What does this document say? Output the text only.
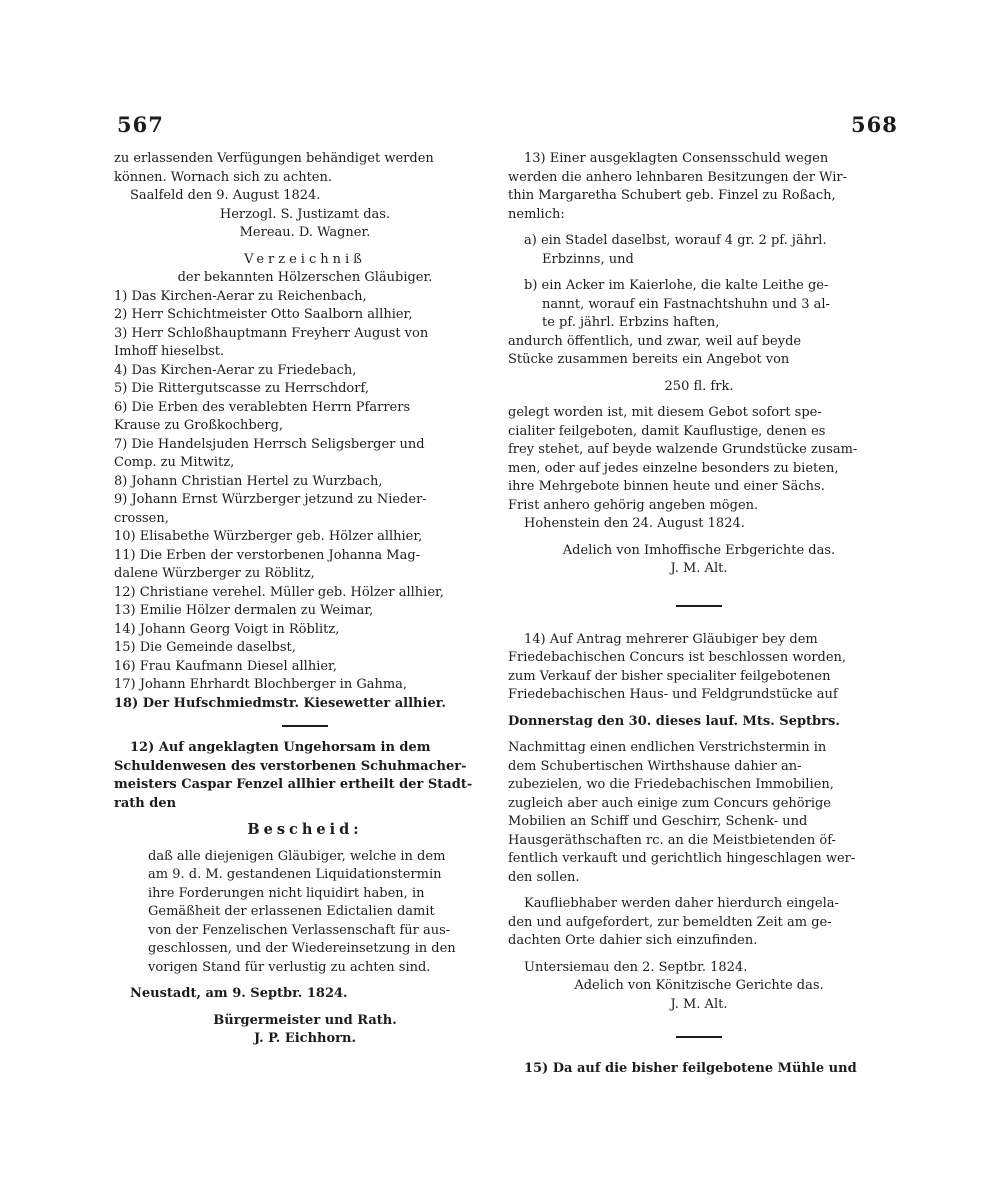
567	568
zu erlassenden Verfügungen behändiget werden
können. Wornach sich zu achten.
Saalfeld den 9. August 1824.
Herzogl. S. Justizamt das.
Mereau. D. Wagner.
Verzeichniß
der bekannten Hölzerschen Gläubiger.
1) Das Kirchen-Aerar zu Reichenbach,
2) Herr Schichtmeister Otto Saalborn allhier,
3) Herr Schloßhauptmann Freyherr August von
Imhoff hieselbst.
4) Das Kirchen-Aerar zu Friedebach,
5) Die Rittergutscasse zu Herrschdorf,
6) Die Erben des verablebten Herrn Pfarrers
Krause zu Großkochberg,
7) Die Handelsjuden Herrsch Seligsberger und
Comp. zu Mitwitz,
8) Johann Christian Hertel zu Wurzbach,
9) Johann Ernst Würzberger jetzund zu Nieder-
crossen,
10) Elisabethe Würzberger geb. Hölzer allhier,
11) Die Erben der verstorbenen Johanna Mag-
dalene Würzberger zu Röblitz,
12) Christiane verehel. Müller geb. Hölzer allhier,
13) Emilie Hölzer dermalen zu Weimar,
14) Johann Georg Voigt in Röblitz,
15) Die Gemeinde daselbst,
16) Frau Kaufmann Diesel allhier,
17) Johann Ehrhardt Blochberger in Gahma,
18) Der Hufschmiedmstr. Kiesewetter allhier.
12) Auf angeklagten Ungehorsam in dem
Schuldenwesen des verstorbenen Schuhmacher-
meisters Caspar Fenzel allhier ertheilt der Stadt-
rath den
Bescheid:
daß alle diejenigen Gläubiger, welche in dem
am 9. d. M. gestandenen Liquidationstermin
ihre Forderungen nicht liquidirt haben, in
Gemäßheit der erlassenen Edictalien damit
von der Fenzelischen Verlassenschaft für aus-
geschlossen, und der Wiedereinsetzung in den
vorigen Stand für verlustig zu achten sind.
Neustadt, am 9. Septbr. 1824.
Bürgermeister und Rath.
J. P. Eichhorn.
13) Einer ausgeklagten Consensschuld wegen
werden die anhero lehnbaren Besitzungen der Wir-
thin Margaretha Schubert geb. Finzel zu Roßach,
nemlich:
a) ein Stadel daselbst, worauf 4 gr. 2 pf. jährl.
Erbzinns, und
b) ein Acker im Kaierlohe, die kalte Leithe ge-
nannt, worauf ein Fastnachtshuhn und 3 al-
te pf. jährl. Erbzins haften,
andurch öffentlich, und zwar, weil auf beyde
Stücke zusammen bereits ein Angebot von
250 fl. frk.
gelegt worden ist, mit diesem Gebot sofort spe-
cialiter feilgeboten, damit Kauflustige, denen es
frey stehet, auf beyde walzende Grundstücke zusam-
men, oder auf jedes einzelne besonders zu bieten,
ihre Mehrgebote binnen heute und einer Sächs.
Frist anhero gehörig angeben mögen.
Hohenstein den 24. August 1824.
Adelich von Imhoffische Erbgerichte das.
J. M. Alt.
14) Auf Antrag mehrerer Gläubiger bey dem
Friedebachischen Concurs ist beschlossen worden,
zum Verkauf der bisher specialiter feilgebotenen
Friedebachischen Haus- und Feldgrundstücke auf
Donnerstag den 30. dieses lauf. Mts. Septbrs.
Nachmittag einen endlichen Verstrichstermin in
dem Schubertischen Wirthshause dahier an-
zubezielen, wo die Friedebachischen Immobilien,
zugleich aber auch einige zum Concurs gehörige
Mobilien an Schiff und Geschirr, Schenk- und
Hausgeräthschaften rc. an die Meistbietenden öf-
fentlich verkauft und gerichtlich hingeschlagen wer-
den sollen.
Kaufliebhaber werden daher hierdurch eingela-
den und aufgefordert, zur bemeldten Zeit am ge-
dachten Orte dahier sich einzufinden.
Untersiemau den 2. Septbr. 1824.
Adelich von Könitzische Gerichte das.
J. M. Alt.
15) Da auf die bisher feilgebotene Mühle und
